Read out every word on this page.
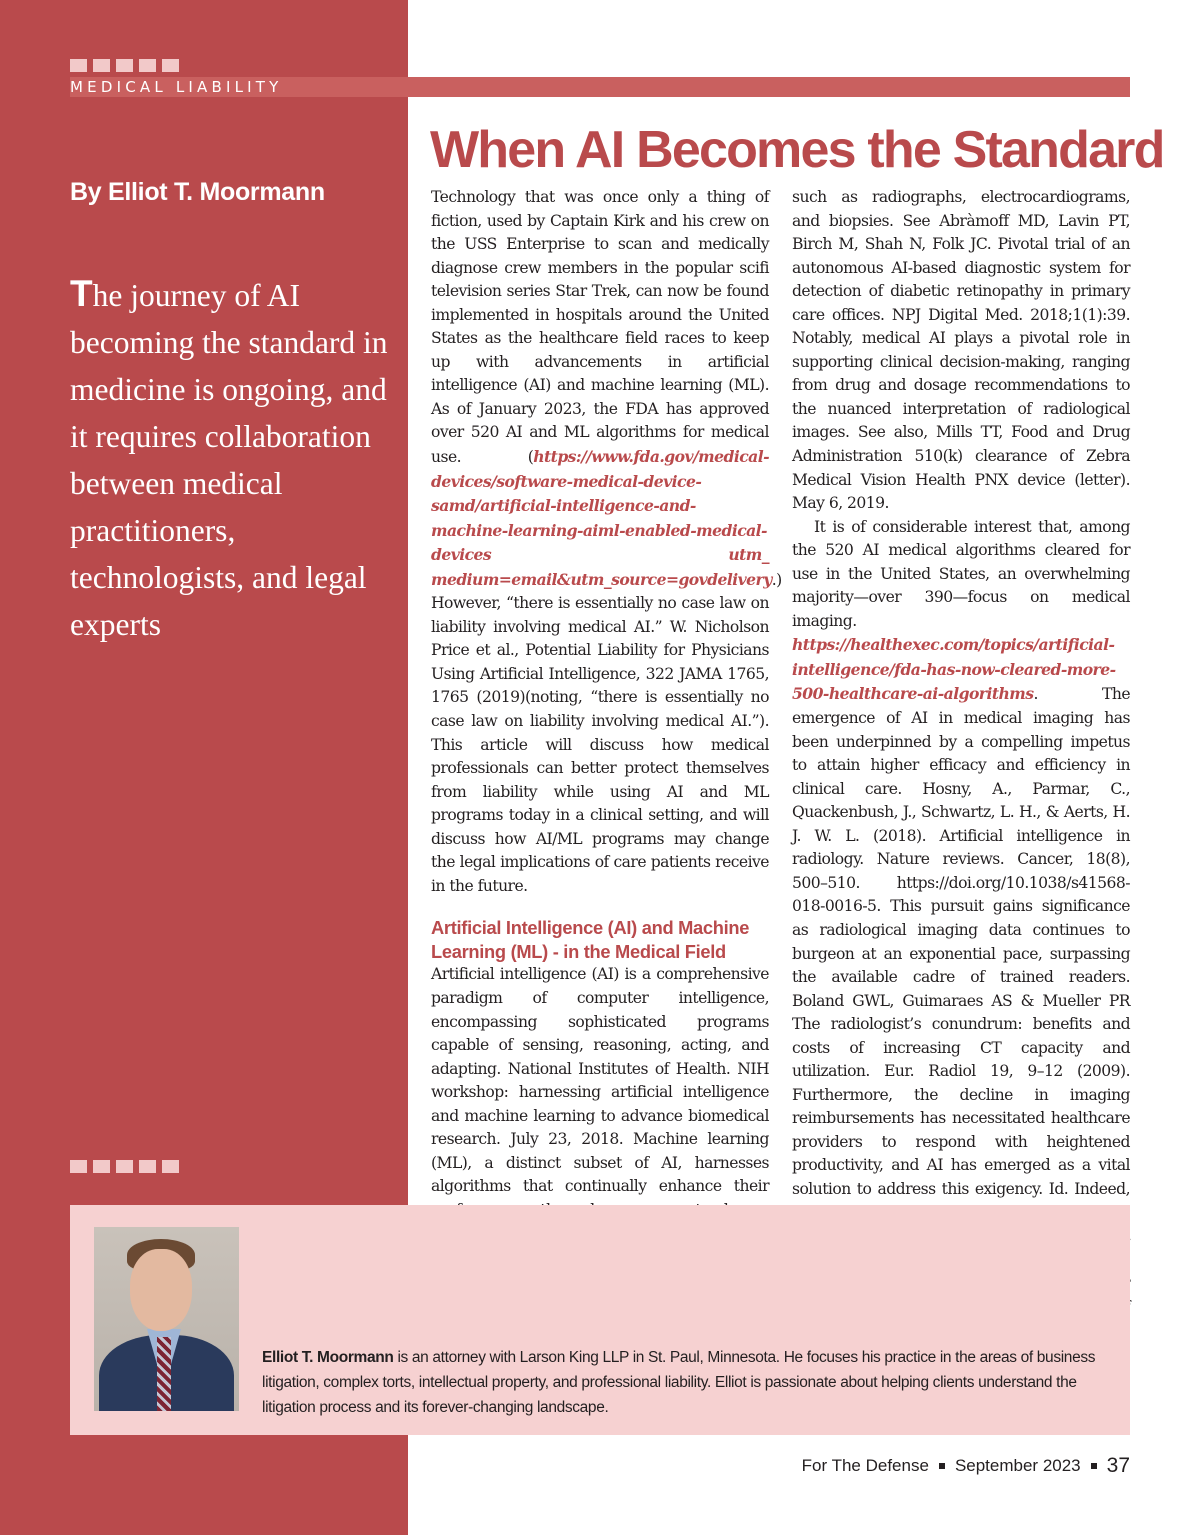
MEDICAL LIABILITY
By Elliot T. Moormann
The journey of AI becoming the standard in medicine is ongoing, and it requires collaboration between medical practitioners, technologists, and legal experts
When AI Becomes the Standard

Technology that was once only a thing of fiction, used by Captain Kirk and his crew on the USS Enterprise to scan and medically diagnose crew members in the popular scifi television series Star Trek, can now be found implemented in hospitals around the United States as the healthcare field races to keep up with advancements in artificial intelligence (AI) and machine learning (ML). As of January 2023, the FDA has approved over 520 AI and ML algorithms for medical use. (https://www.fda.gov/medical-devices/software-medical-device-samd/artificial-intelligence-and-machine-learning-aiml-enabled-medical-devices utm_ medium=email&utm_source=govdelivery.) However, “there is essentially no case law on liability involving medical AI.” W. Nicholson Price et al., Potential Liability for Physicians Using Artificial Intelligence, 322 JAMA 1765, 1765 (2019)(noting, “there is essentially no case law on liability involving medical AI.”). This article will discuss how medical professionals can better protect themselves from liability while using AI and ML programs today in a clinical setting, and will discuss how AI/ML programs may change the legal implications of care patients receive in the future.

Artificial Intelligence (AI) and Machine Learning (ML) - in the Medical Field

Artificial intelligence (AI) is a comprehensive paradigm of computer intelligence, encompassing sophisticated programs capable of sensing, reasoning, acting, and adapting. National Institutes of Health. NIH workshop: harnessing artificial intelligence and machine learning to advance biomedical research. July 23, 2018. Machine learning (ML), a distinct subset of AI, harnesses algorithms that continually enhance their

such as radiographs, electrocardiograms, and biopsies. See Abràmoff MD, Lavin PT, Birch M, Shah N, Folk JC. Pivotal trial of an autonomous AI-based diagnostic system for detection of diabetic retinopathy in primary care offices. NPJ Digital Med. 2018;1(1):39. Notably, medical AI plays a pivotal role in supporting clinical decision-making, ranging from drug and dosage recommendations to the nuanced interpretation of radiological images. See also, Mills TT, Food and Drug Administration 510(k) clearance of Zebra Medical Vision Health PNX device (letter). May 6, 2019.

It is of considerable interest that, among the 520 AI medical algorithms cleared for use in the United States, an overwhelming majority—over 390—focus on medical imaging. https://healthexec.com/topics/artificial-intelligence/fda-has-now-cleared-more-500-healthcare-ai-algorithms. The emergence of AI in medical imaging has been underpinned by a compelling impetus to attain higher efficacy and efficiency in clinical care. Hosny, A., Parmar, C., Quackenbush, J., Schwartz, L. H., & Aerts, H. J. W. L. (2018). Artificial intelligence in radiology. Nature reviews. Cancer, 18(8), 500–510. https://doi.org/10.1038/s41568-018-0016-5. This pursuit gains significance as radiological imaging data continues to burgeon at an exponential pace, surpassing the available cadre of trained readers. Boland GWL, Guimaraes AS & Mueller PR The radiologist’s conundrum: benefits and costs of increasing CT capacity and utilization. Eur. Radiol 19, 9–12 (2009). Furthermore, the decline in imaging reimbursements has necessitated healthcare providers to respond with heightened productivity, and AI has emerged as a vital solution to address this exigency. Id. Indeed,

Elliot T. Moormann is an attorney with Larson King LLP in St. Paul, Minnesota. He focuses his practice in the areas of business litigation, complex torts, intellectual property, and professional liability. Elliot is passionate about helping clients understand the litigation process and its forever-changing landscape.
For The Defense September 2023 37
